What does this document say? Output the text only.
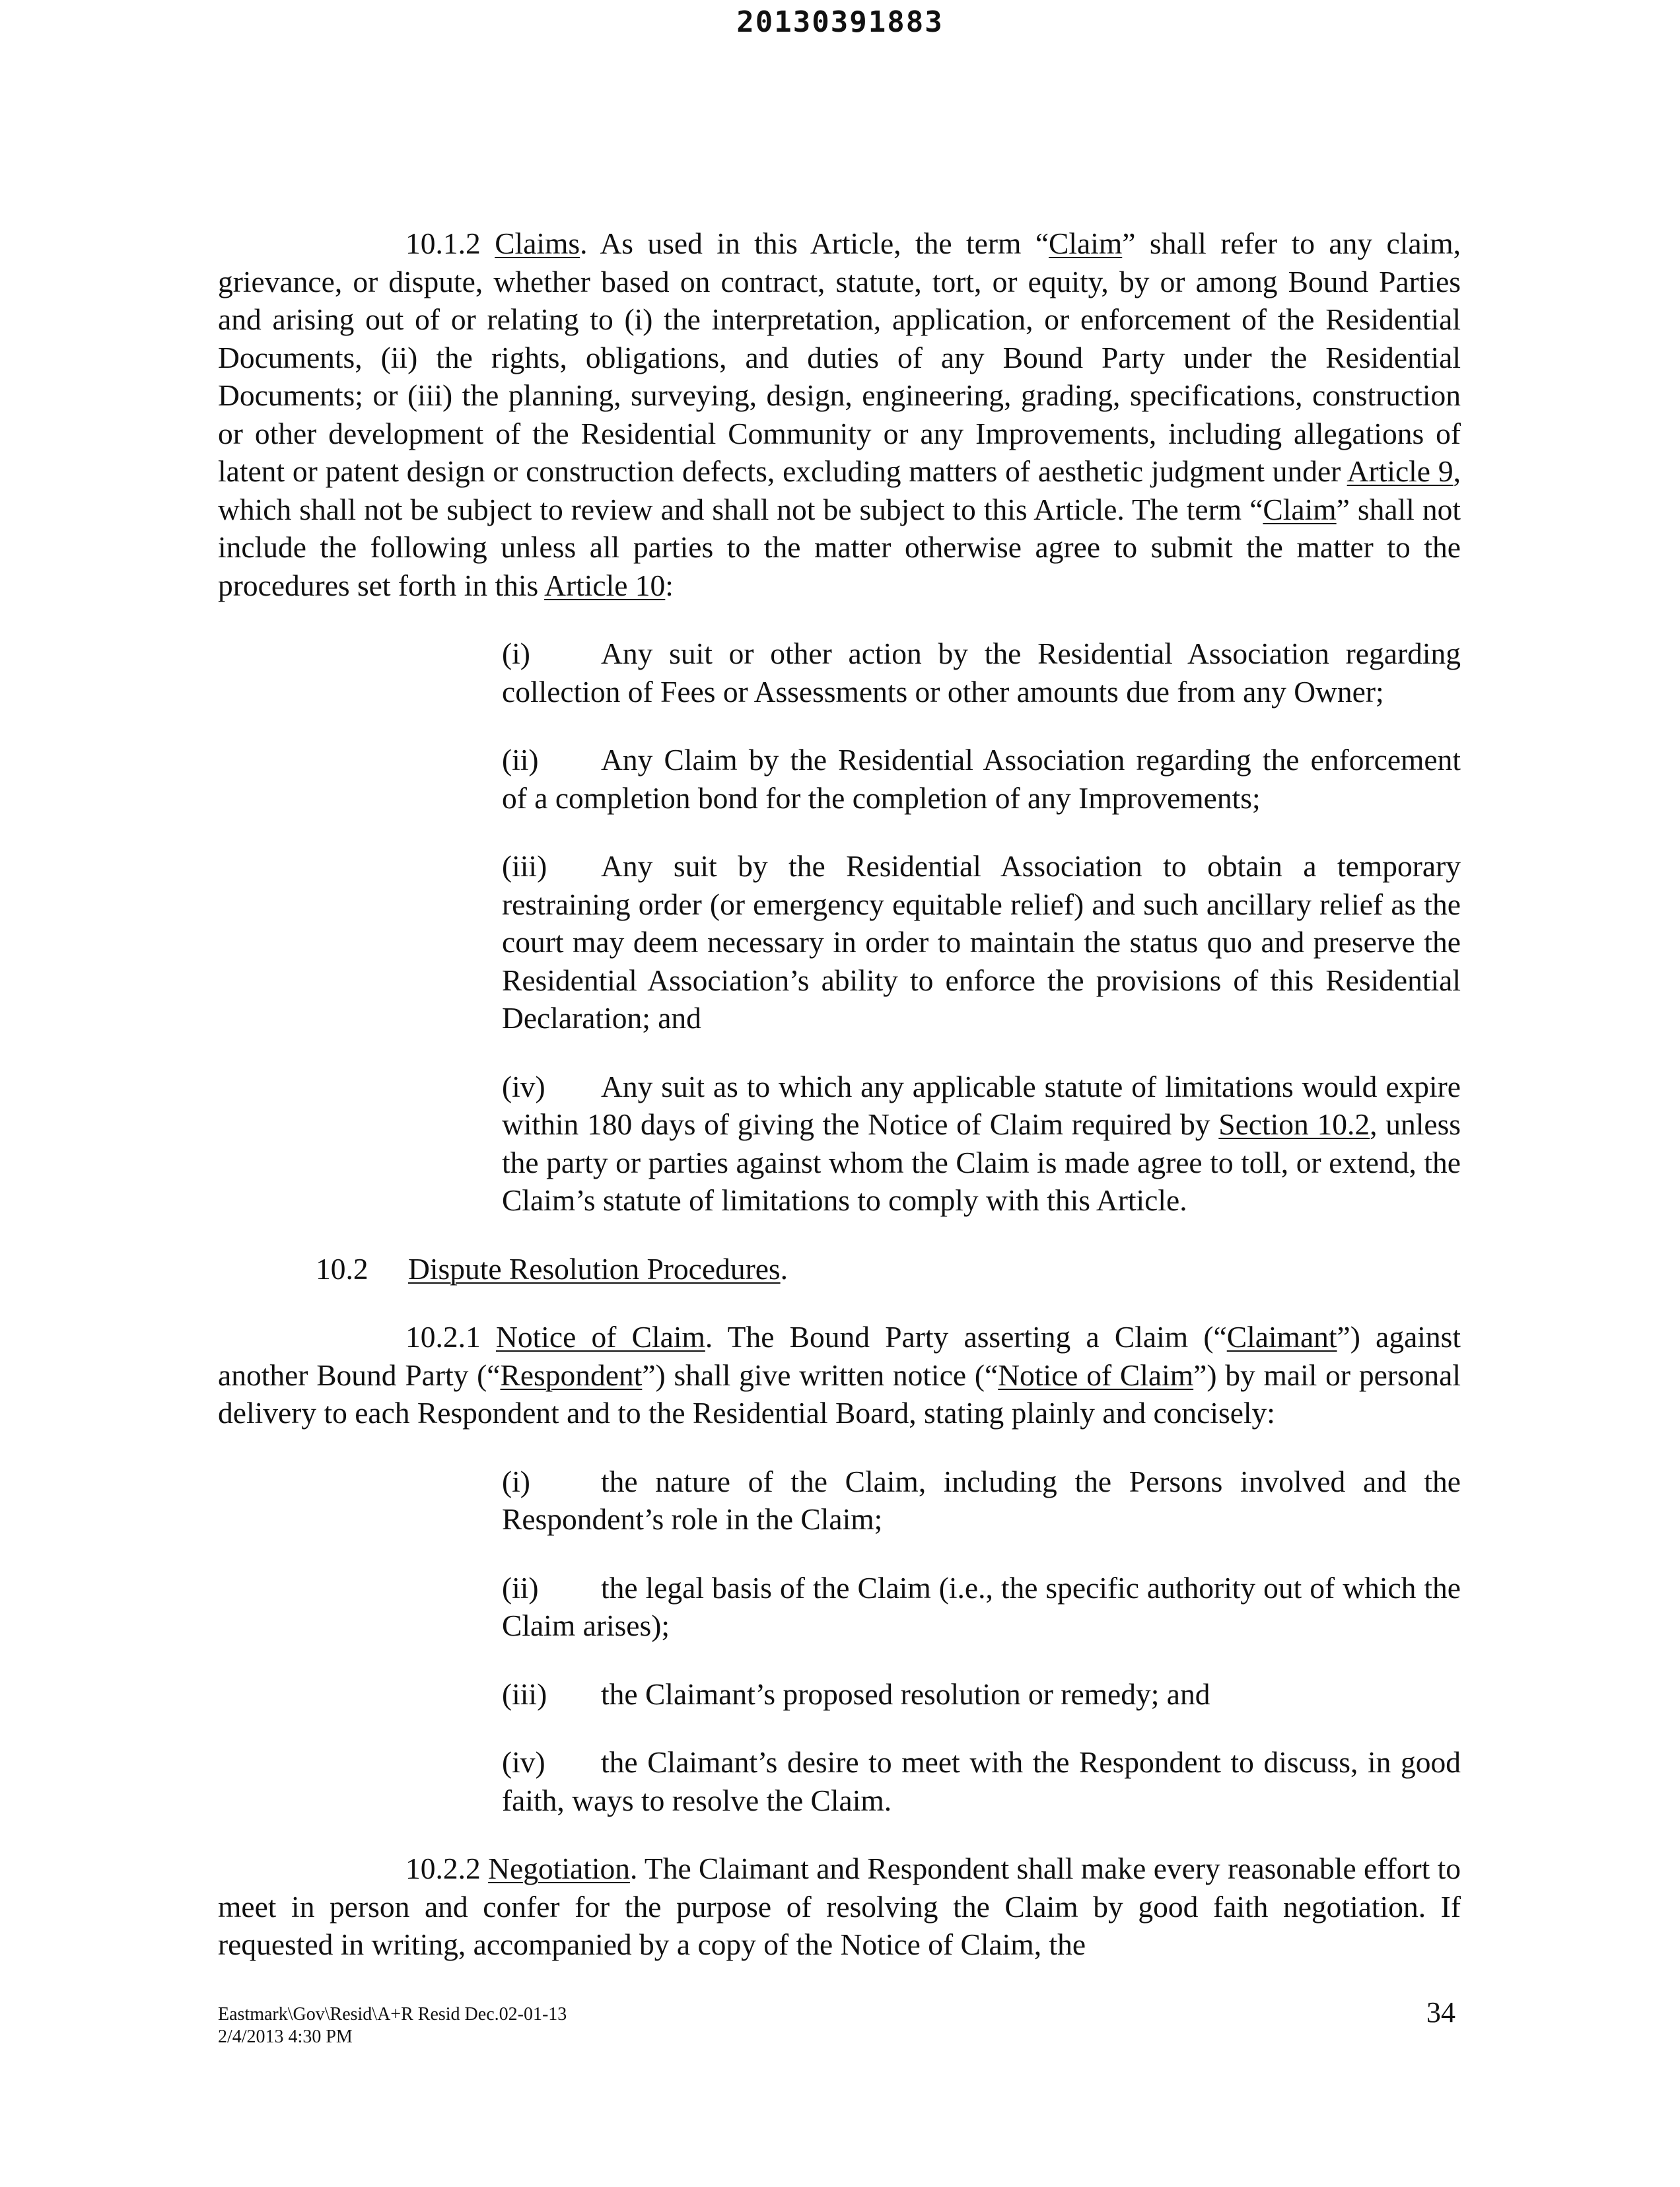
20130391883

10.1.2 Claims. As used in this Article, the term “Claim” shall refer to any claim, grievance, or dispute, whether based on contract, statute, tort, or equity, by or among Bound Parties and arising out of or relating to (i) the interpretation, application, or enforcement of the Residential Documents, (ii) the rights, obligations, and duties of any Bound Party under the Residential Documents; or (iii) the planning, surveying, design, engineering, grading, specifications, construction or other development of the Residential Community or any Improvements, including allegations of latent or patent design or construction defects, excluding matters of aesthetic judgment under Article 9, which shall not be subject to review and shall not be subject to this Article. The term “Claim” shall not include the following unless all parties to the matter otherwise agree to submit the matter to the procedures set forth in this Article 10:

(i) Any suit or other action by the Residential Association regarding collection of Fees or Assessments or other amounts due from any Owner;

(ii) Any Claim by the Residential Association regarding the enforcement of a completion bond for the completion of any Improvements;

(iii) Any suit by the Residential Association to obtain a temporary restraining order (or emergency equitable relief) and such ancillary relief as the court may deem necessary in order to maintain the status quo and preserve the Residential Association’s ability to enforce the provisions of this Residential Declaration; and

(iv) Any suit as to which any applicable statute of limitations would expire within 180 days of giving the Notice of Claim required by Section 10.2, unless the party or parties against whom the Claim is made agree to toll, or extend, the Claim’s statute of limitations to comply with this Article.

10.2 Dispute Resolution Procedures.

10.2.1 Notice of Claim. The Bound Party asserting a Claim (“Claimant”) against another Bound Party (“Respondent”) shall give written notice (“Notice of Claim”) by mail or personal delivery to each Respondent and to the Residential Board, stating plainly and concisely:

(i) the nature of the Claim, including the Persons involved and the Respondent’s role in the Claim;

(ii) the legal basis of the Claim (i.e., the specific authority out of which the Claim arises);

(iii) the Claimant’s proposed resolution or remedy; and

(iv) the Claimant’s desire to meet with the Respondent to discuss, in good faith, ways to resolve the Claim.

10.2.2 Negotiation. The Claimant and Respondent shall make every reasonable effort to meet in person and confer for the purpose of resolving the Claim by good faith negotiation. If requested in writing, accompanied by a copy of the Notice of Claim, the

Eastmark\Gov\Resid\A+R Resid Dec.02-01-13
2/4/2013 4:30 PM
34
